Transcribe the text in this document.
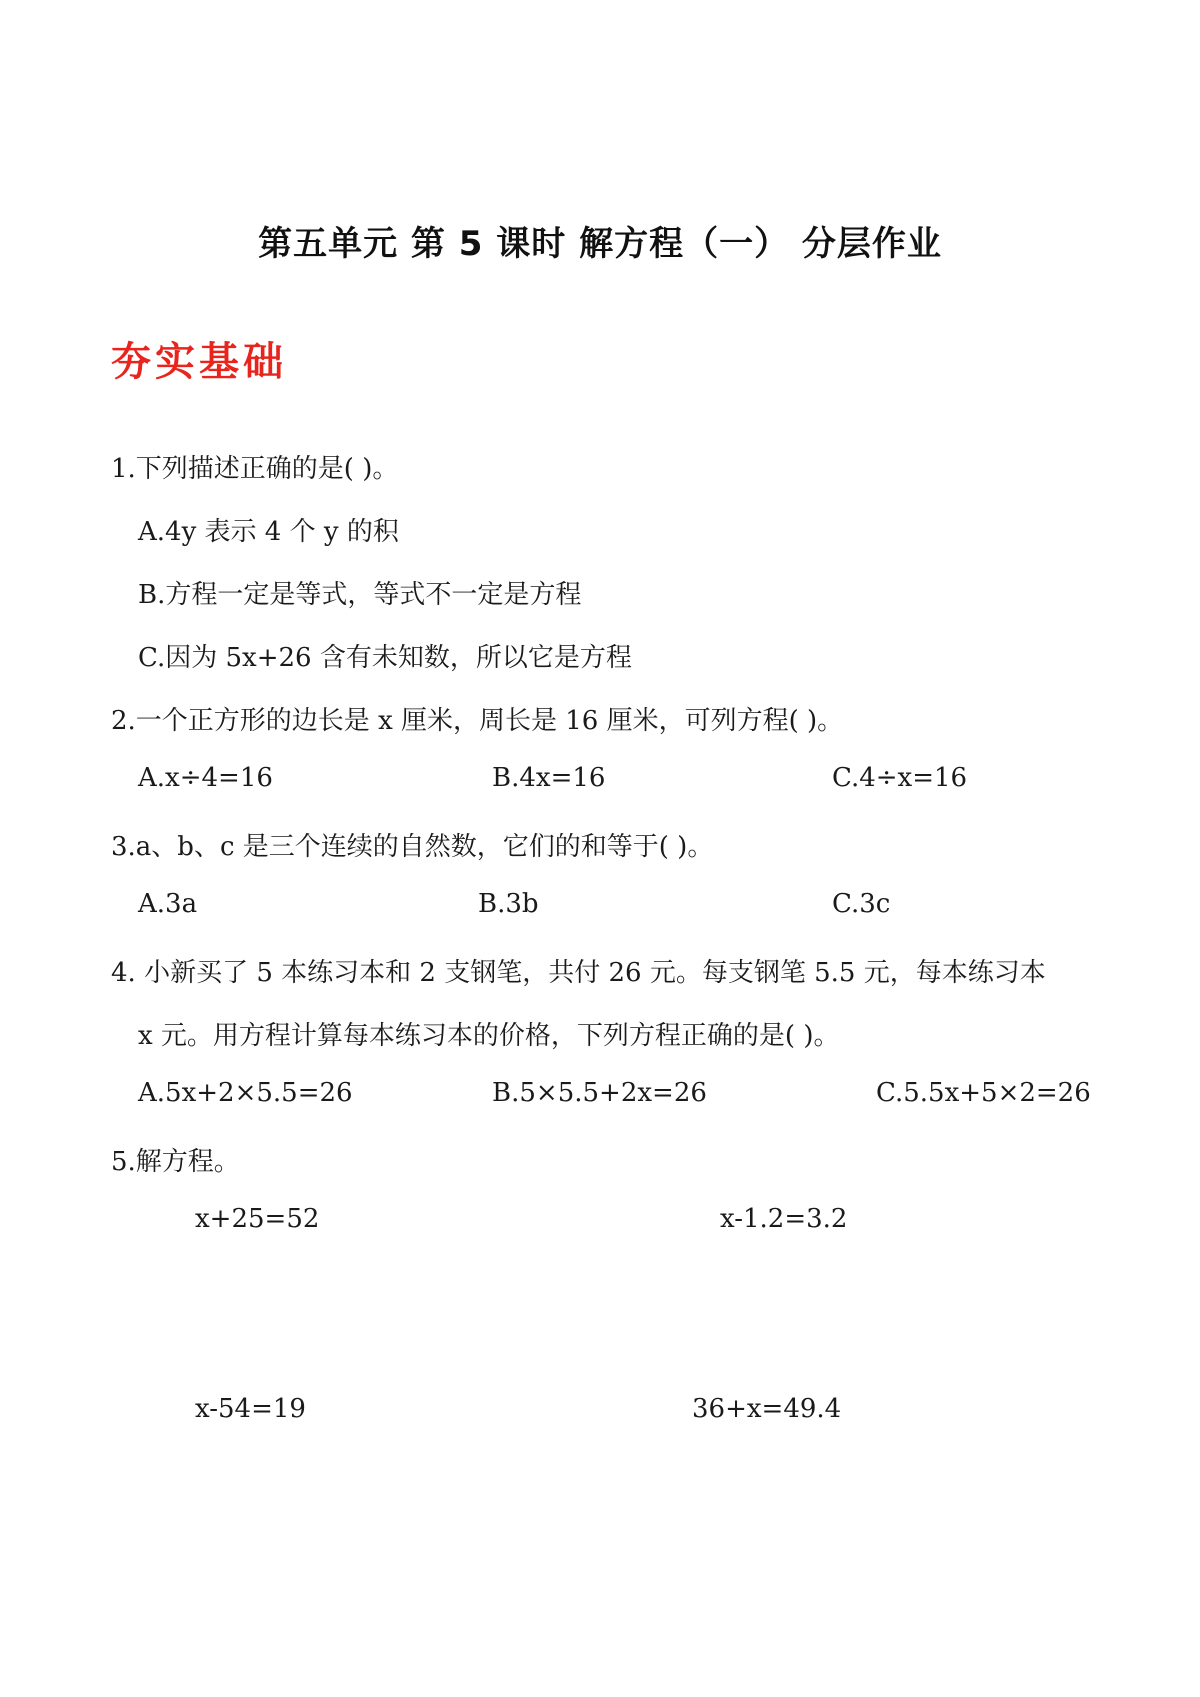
第五单元 第 5 课时 解方程（一） 分层作业
夯实基础
1.下列描述正确的是( )。
A.4y 表示 4 个 y 的积
B.方程一定是等式，等式不一定是方程
C.因为 5x+26 含有未知数，所以它是方程
2.一个正方形的边长是 x 厘米，周长是 16 厘米，可列方程( )。
A.x÷4=16	B.4x=16	C.4÷x=16
3.a、b、c 是三个连续的自然数，它们的和等于( )。
A.3a	B.3b	C.3c
4. 小新买了 5 本练习本和 2 支钢笔，共付 26 元。每支钢笔 5.5 元，每本练习本
x 元。用方程计算每本练习本的价格，下列方程正确的是( )。
A.5x+2×5.5=26	B.5×5.5+2x=26	C.5.5x+5×2=26
5.解方程。
x+25=52	x-1.2=3.2
x-54=19	36+x=49.4
